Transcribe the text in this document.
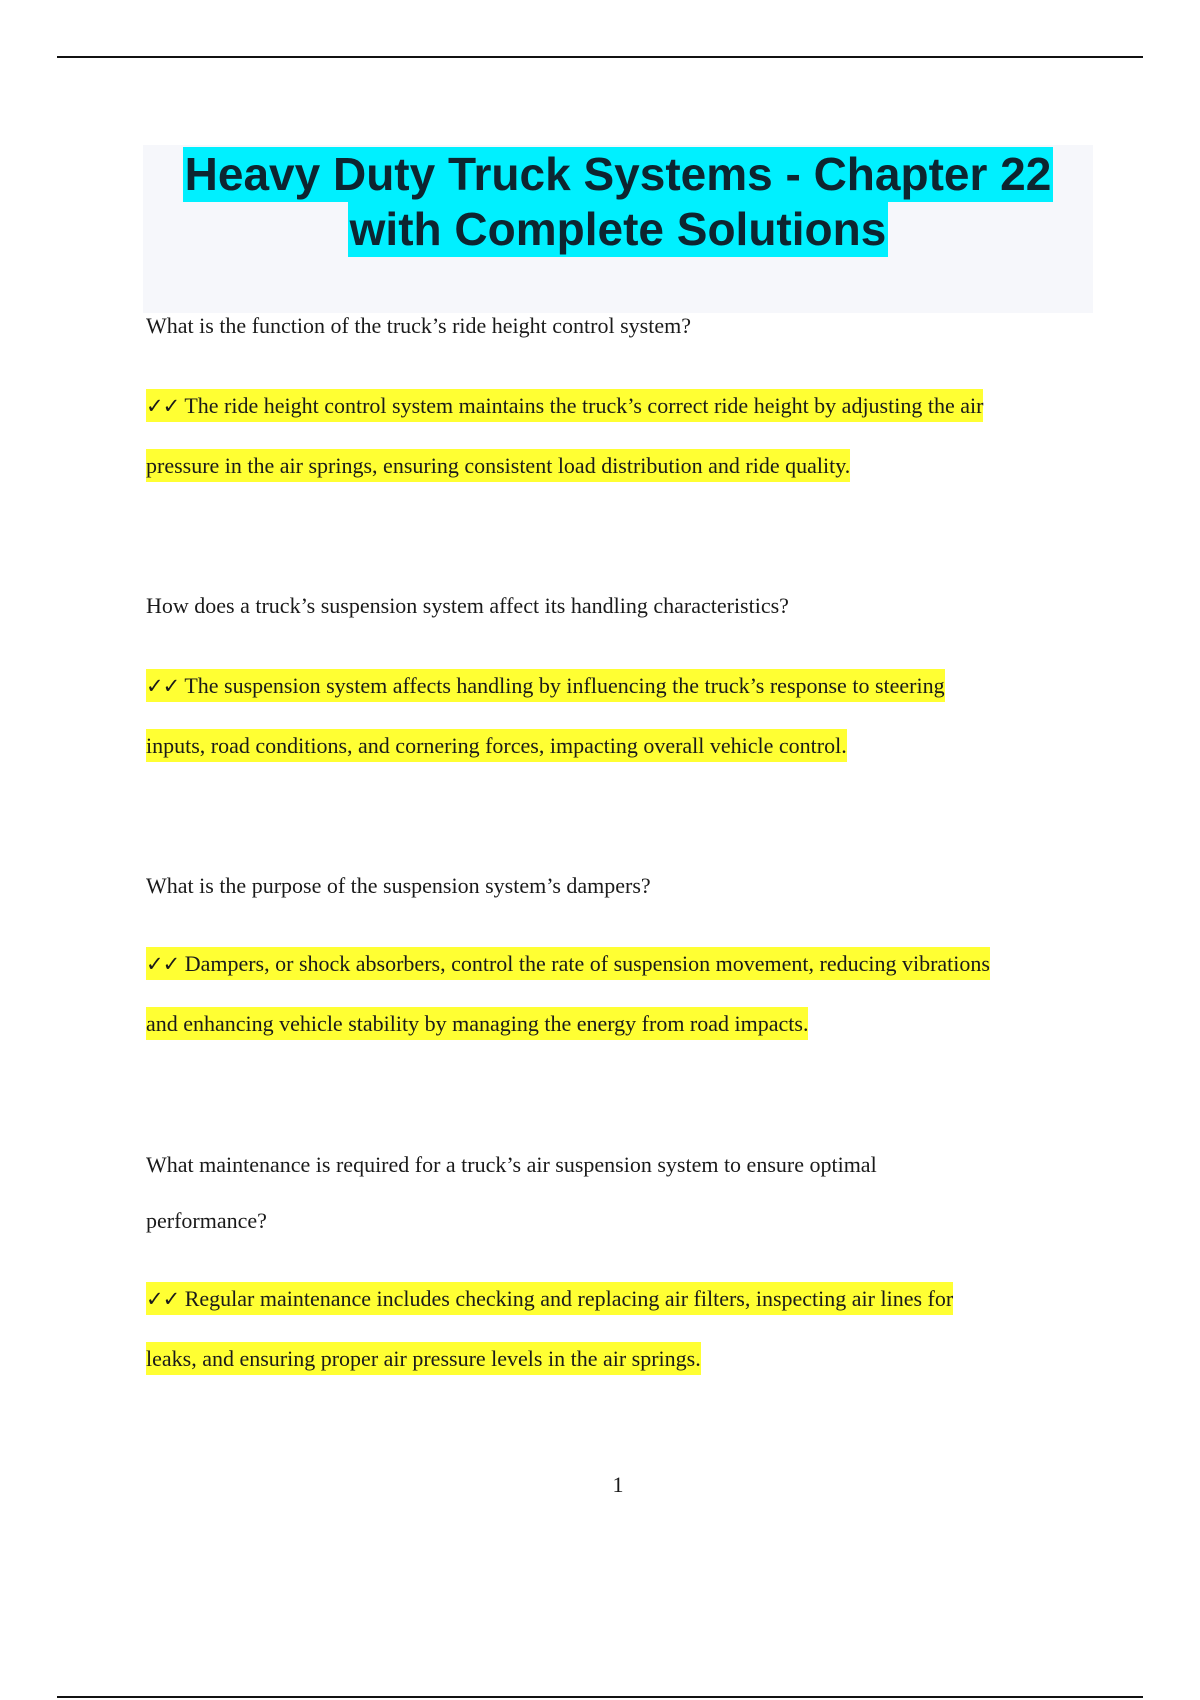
Heavy Duty Truck Systems - Chapter 22
with Complete Solutions

What is the function of the truck’s ride height control system?

✓✓ The ride height control system maintains the truck’s correct ride height by adjusting the air
pressure in the air springs, ensuring consistent load distribution and ride quality.

How does a truck’s suspension system affect its handling characteristics?

✓✓ The suspension system affects handling by influencing the truck’s response to steering
inputs, road conditions, and cornering forces, impacting overall vehicle control.

What is the purpose of the suspension system’s dampers?

✓✓ Dampers, or shock absorbers, control the rate of suspension movement, reducing vibrations
and enhancing vehicle stability by managing the energy from road impacts.

What maintenance is required for a truck’s air suspension system to ensure optimal
performance?

✓✓ Regular maintenance includes checking and replacing air filters, inspecting air lines for
leaks, and ensuring proper air pressure levels in the air springs.
1
